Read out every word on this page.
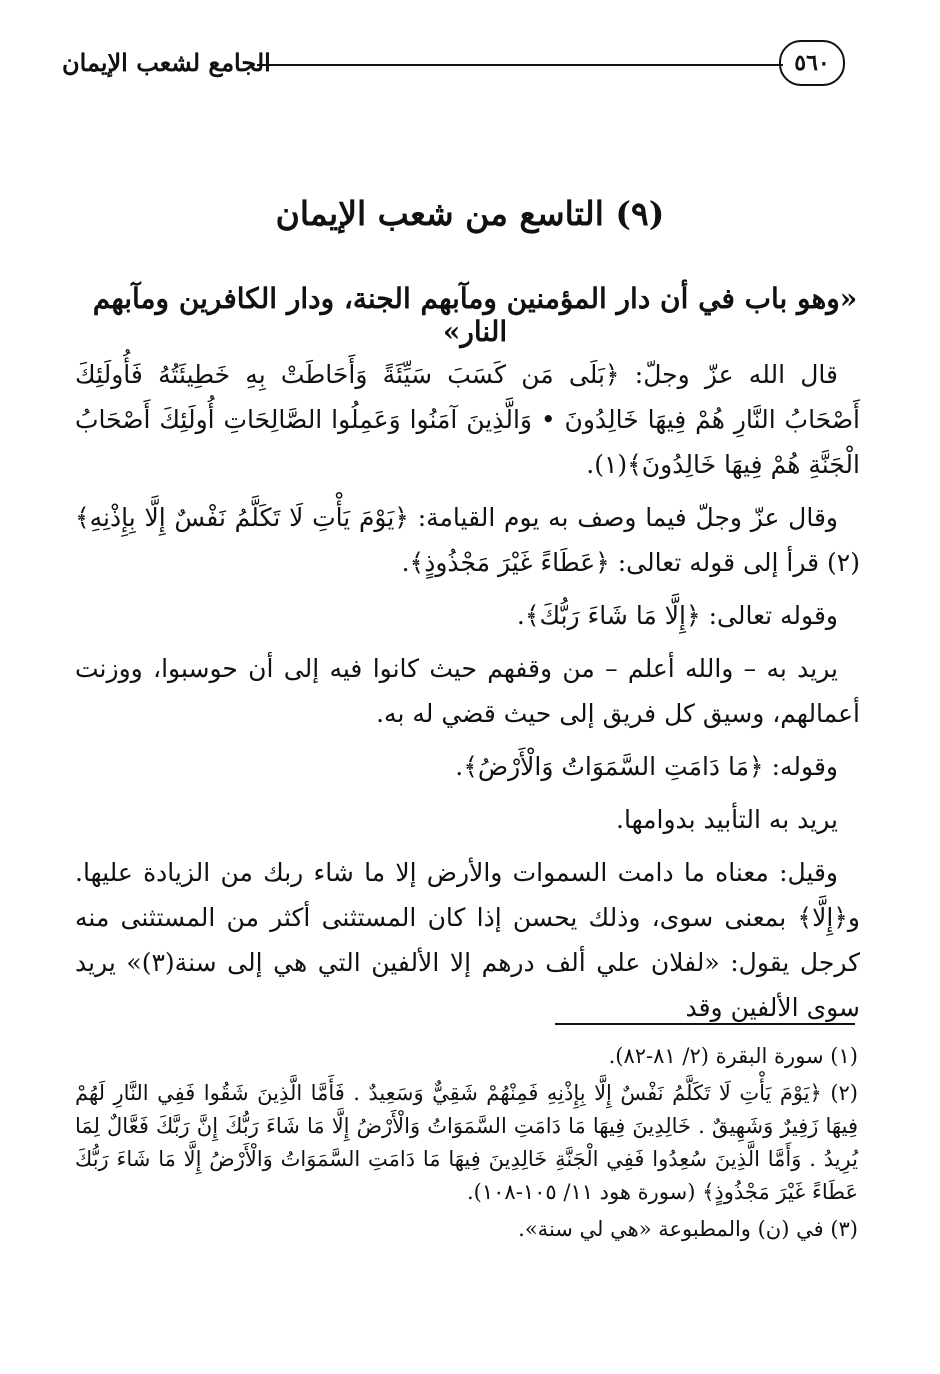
٥٦٠
الجامع لشعب الإيمان
(٩) التاسع من شعب الإيمان
«وهو باب في أن دار المؤمنين ومآبهم الجنة، ودار الكافرين ومآبهم النار»

قال الله عزّ وجلّ: ﴿بَلَى مَن كَسَبَ سَيِّئَةً وَأَحَاطَتْ بِهِ خَطِيئَتُهُ فَأُولَئِكَ أَصْحَابُ النَّارِ هُمْ فِيهَا خَالِدُونَ • وَالَّذِينَ آمَنُوا وَعَمِلُوا الصَّالِحَاتِ أُولَئِكَ أَصْحَابُ الْجَنَّةِ هُمْ فِيهَا خَالِدُونَ﴾(١).

وقال عزّ وجلّ فيما وصف به يوم القيامة: ﴿يَوْمَ يَأْتِ لَا تَكَلَّمُ نَفْسٌ إِلَّا بِإِذْنِهِ﴾(٢) قرأ إلى قوله تعالى: ﴿عَطَاءً غَيْرَ مَجْذُوذٍ﴾.

وقوله تعالى: ﴿إِلَّا مَا شَاءَ رَبُّكَ﴾.

يريد به – والله أعلم – من وقفهم حيث كانوا فيه إلى أن حوسبوا، ووزنت أعمالهم، وسيق كل فريق إلى حيث قضي له به.

وقوله: ﴿مَا دَامَتِ السَّمَوَاتُ وَالْأَرْضُ﴾.

يريد به التأبيد بدوامها.

وقيل: معناه ما دامت السموات والأرض إلا ما شاء ربك من الزيادة عليها. و﴿إِلَّا﴾ بمعنى سوى، وذلك يحسن إذا كان المستثنى أكثر من المستثنى منه كرجل يقول: «لفلان علي ألف درهم إلا الألفين التي هي إلى سنة(٣)» يريد سوى الألفين وقد

(١) سورة البقرة (٢/ ٨١-٨٢).

(٢) ﴿يَوْمَ يَأْتِ لَا تَكَلَّمُ نَفْسٌ إِلَّا بِإِذْنِهِ فَمِنْهُمْ شَقِيٌّ وَسَعِيدٌ . فَأَمَّا الَّذِينَ شَقُوا فَفِي النَّارِ لَهُمْ فِيهَا زَفِيرٌ وَشَهِيقٌ . خَالِدِينَ فِيهَا مَا دَامَتِ السَّمَوَاتُ وَالْأَرْضُ إِلَّا مَا شَاءَ رَبُّكَ إِنَّ رَبَّكَ فَعَّالٌ لِمَا يُرِيدُ . وَأَمَّا الَّذِينَ سُعِدُوا فَفِي الْجَنَّةِ خَالِدِينَ فِيهَا مَا دَامَتِ السَّمَوَاتُ وَالْأَرْضُ إِلَّا مَا شَاءَ رَبُّكَ عَطَاءً غَيْرَ مَجْذُوذٍ﴾ (سورة هود ١١/ ١٠٥-١٠٨).

(٣) في (ن) والمطبوعة «هي لي سنة».
